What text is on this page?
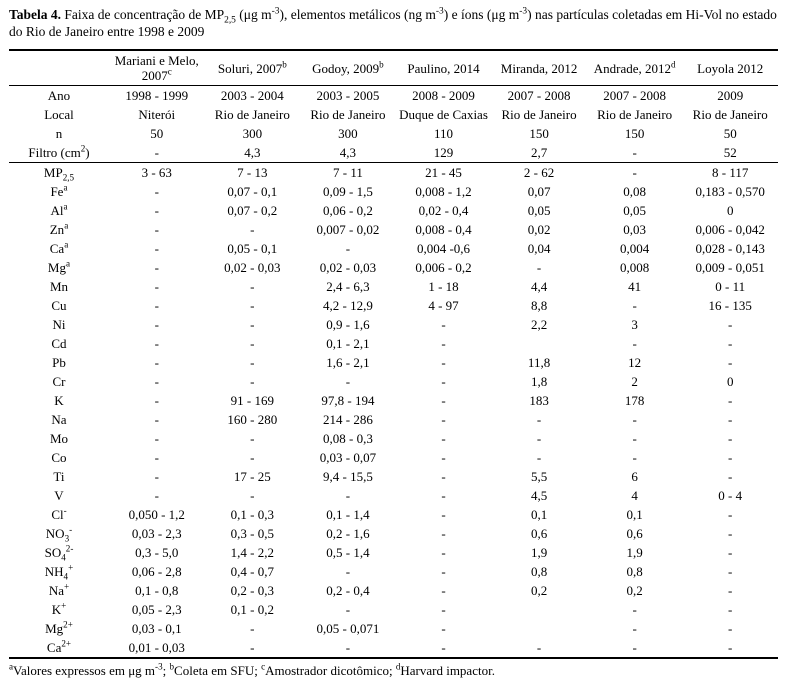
Tabela 4. Faixa de concentração de $MP_{2,5}$ (μg $m^{-3}$), elementos metálicos (ng $m^{-3}$) e íons (μg $m^{-3}$) nas partículas coletadas em Hi-Vol no estado do Rio de Janeiro entre 1998 e 2009

	Mariani e Melo, 2007$^c$	Soluri, 2007$^b$	Godoy, 2009$^b$	Paulino, 2014	Miranda, 2012	Andrade, 2012$^d$	Loyola 2012
Ano	1998 - 1999	2003 - 2004	2003 - 2005	2008 - 2009	2007 - 2008	2007 - 2008	2009
Local	Niterói	Rio de Janeiro	Rio de Janeiro	Duque de Caxias	Rio de Janeiro	Rio de Janeiro	Rio de Janeiro
n	50	300	300	110	150	150	50
Filtro $(cm^2)$	-	4,3	4,3	129	2,7	-	52
$MP_{2,5}$	3 - 63	7 - 13	7 - 11	21 - 45	2 - 62	-	8 - 117
Fe$^a$	-	0,07 - 0,1	0,09 - 1,5	0,008 - 1,2	0,07	0,08	0,183 - 0,570
Al$^a$	-	0,07 - 0,2	0,06 - 0,2	0,02 - 0,4	0,05	0,05	0
Zn$^a$	-	-	0,007 - 0,02	0,008 - 0,4	0,02	0,03	0,006 - 0,042
Ca$^a$	-	0,05 - 0,1	-	0,004 -0,6	0,04	0,004	0,028 - 0,143
Mg$^a$	-	0,02 - 0,03	0,02 - 0,03	0,006 - 0,2	-	0,008	0,009 - 0,051
Mn	-	-	2,4 - 6,3	1 - 18	4,4	41	0 - 11
Cu	-	-	4,2 - 12,9	4 - 97	8,8	-	16 - 135
Ni	-	-	0,9 - 1,6	-	2,2	3	-
Cd	-	-	0,1 - 2,1	-		-	-
Pb	-	-	1,6 - 2,1	-	11,8	12	-
Cr	-	-	-	-	1,8	2	0
K	-	91 - 169	97,8 - 194	-	183	178	-
Na	-	160 - 280	214 - 286	-	-	-	-
Mo	-	-	0,08 - 0,3	-	-	-	-
Co	-	-	0,03 - 0,07	-	-	-	-
Ti	-	17 - 25	9,4 - 15,5	-	5,5	6	-
V	-	-	-	-	4,5	4	0 - 4
Cl-	0,050 - 1,2	0,1 - 0,3	0,1 - 1,4	-	0,1	0,1	-
$NO_3^-$	0,03 - 2,3	0,3 - 0,5	0,2 - 1,6	-	0,6	0,6	-
$SO_4^{2-}$	0,3 - 5,0	1,4 - 2,2	0,5 - 1,4	-	1,9	1,9	-
$NH_4^+$	0,06 - 2,8	0,4 - 0,7	-	-	0,8	0,8	-
Na+	0,1 - 0,8	0,2 - 0,3	0,2 - 0,4	-	0,2	0,2	-
K+	0,05 - 2,3	0,1 - 0,2	-	-		-	-
$Mg^{2+}$	0,03 - 0,1	-	0,05 - 0,071	-		-	-
$Ca^{2+}$	0,01 - 0,03	-	-	-	-	-	-

$^a$Valores expressos em μg $m^{-3}$; $^b$Coleta em SFU; $^c$Amostrador dicotômico; $^d$Harvard impactor.
